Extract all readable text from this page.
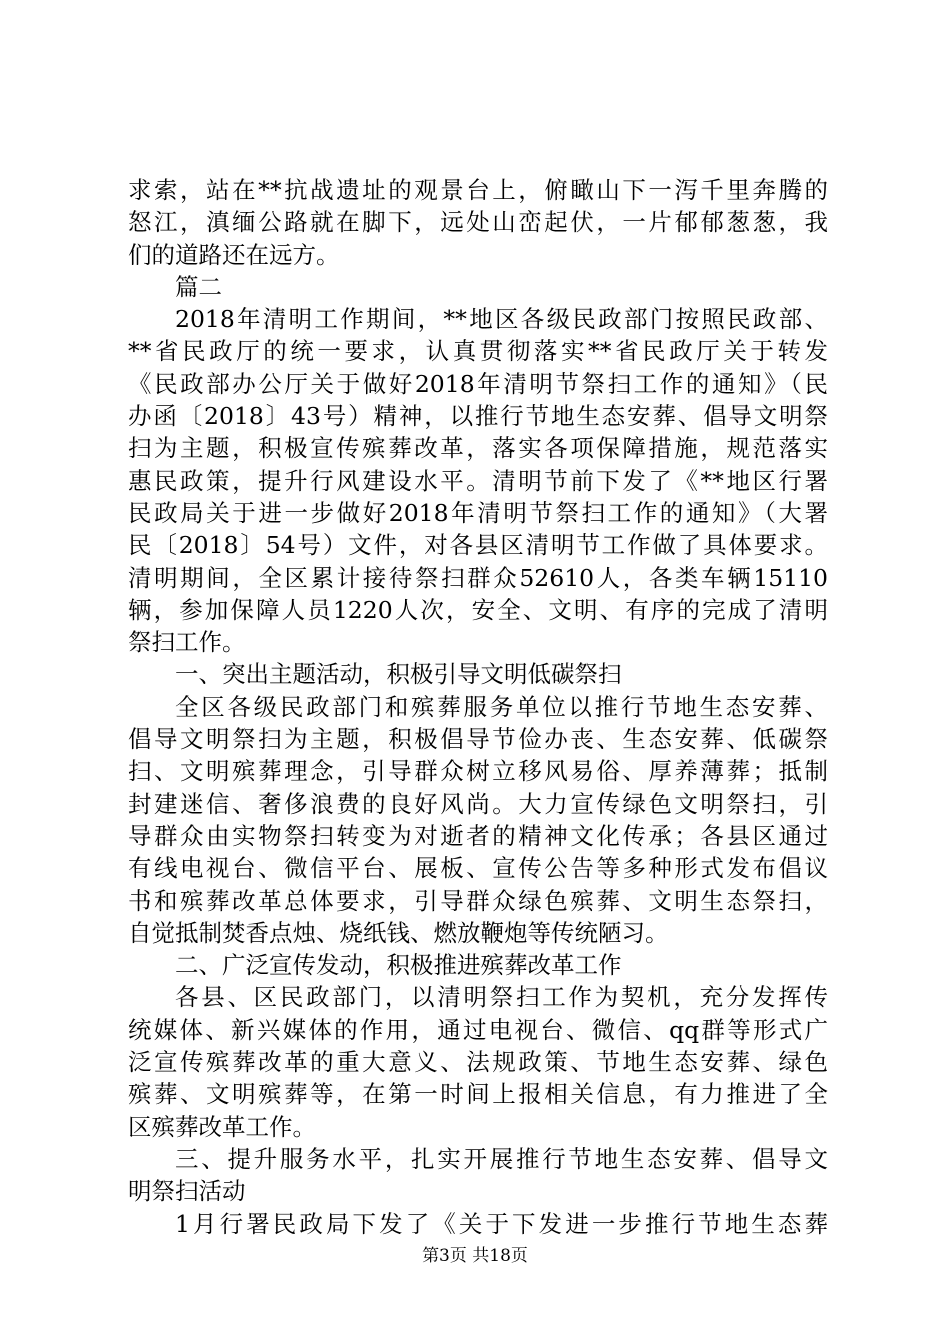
求索，站在**抗战遗址的观景台上，俯瞰山下一泻千里奔腾的
怒江，滇缅公路就在脚下，远处山峦起伏，一片郁郁葱葱，我
们的道路还在远方。
篇二
2018年清明工作期间，**地区各级民政部门按照民政部、
**省民政厅的统一要求，认真贯彻落实**省民政厅关于转发
《民政部办公厅关于做好2018年清明节祭扫工作的通知》（民
办函〔2018〕43号）精神，以推行节地生态安葬、倡导文明祭
扫为主题，积极宣传殡葬改革，落实各项保障措施，规范落实
惠民政策，提升行风建设水平。清明节前下发了《**地区行署
民政局关于进一步做好2018年清明节祭扫工作的通知》（大署
民〔2018〕54号）文件，对各县区清明节工作做了具体要求。
清明期间，全区累计接待祭扫群众52610人，各类车辆15110
辆，参加保障人员1220人次，安全、文明、有序的完成了清明
祭扫工作。
一、突出主题活动，积极引导文明低碳祭扫
全区各级民政部门和殡葬服务单位以推行节地生态安葬、
倡导文明祭扫为主题，积极倡导节俭办丧、生态安葬、低碳祭
扫、文明殡葬理念，引导群众树立移风易俗、厚养薄葬；抵制
封建迷信、奢侈浪费的良好风尚。大力宣传绿色文明祭扫，引
导群众由实物祭扫转变为对逝者的精神文化传承；各县区通过
有线电视台、微信平台、展板、宣传公告等多种形式发布倡议
书和殡葬改革总体要求，引导群众绿色殡葬、文明生态祭扫，
自觉抵制焚香点烛、烧纸钱、燃放鞭炮等传统陋习。
二、广泛宣传发动，积极推进殡葬改革工作
各县、区民政部门，以清明祭扫工作为契机，充分发挥传
统媒体、新兴媒体的作用，通过电视台、微信、qq群等形式广
泛宣传殡葬改革的重大意义、法规政策、节地生态安葬、绿色
殡葬、文明殡葬等，在第一时间上报相关信息，有力推进了全
区殡葬改革工作。
三、提升服务水平，扎实开展推行节地生态安葬、倡导文
明祭扫活动
1月行署民政局下发了《关于下发进一步推行节地生态葬
第3页 共18页
